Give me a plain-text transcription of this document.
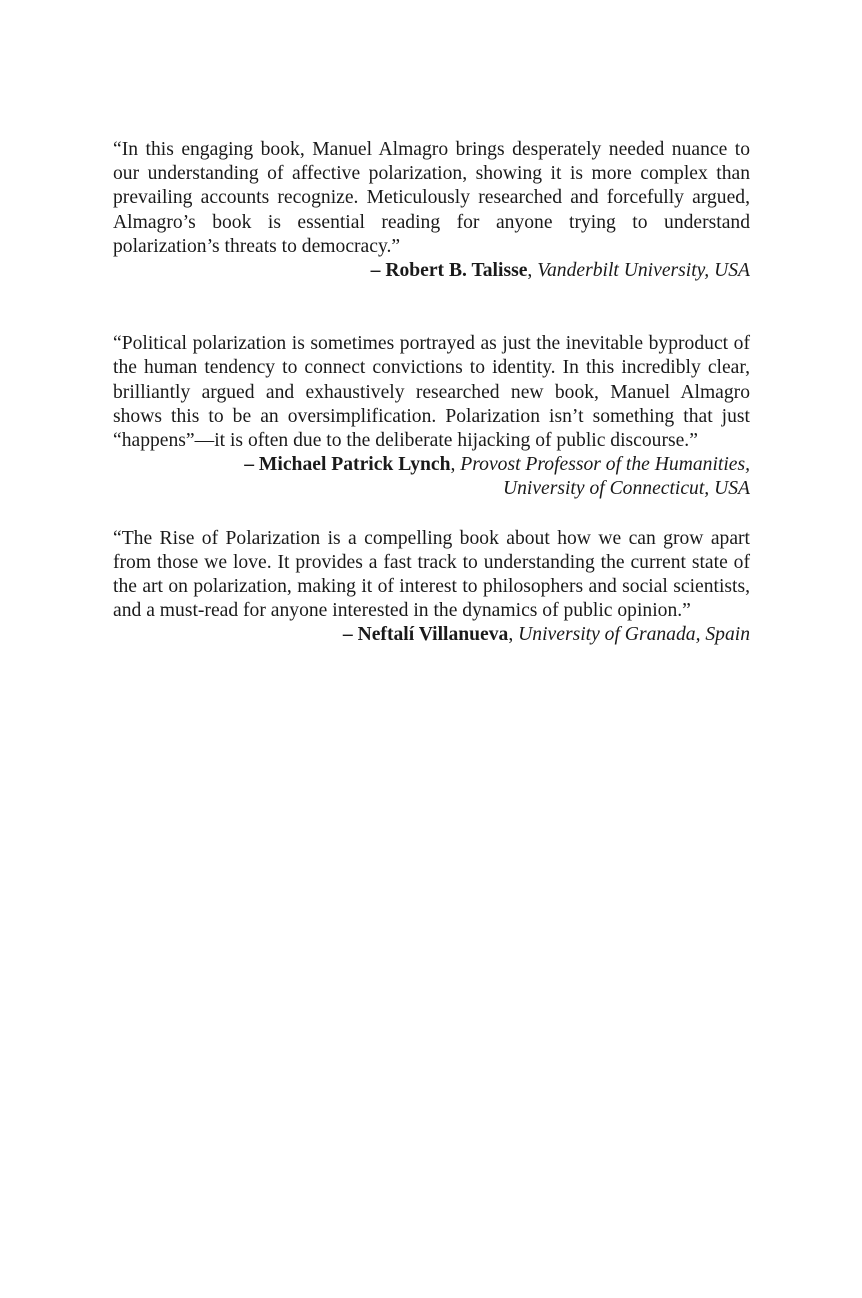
“In this engaging book, Manuel Almagro brings desperately needed nuance to our understanding of affective polarization, showing it is more complex than prevailing accounts recognize. Meticulously researched and forcefully argued, Almagro’s book is essential reading for anyone trying to understand polarization’s threats to democracy.”

– Robert B. Talisse, Vanderbilt University, USA

“Political polarization is sometimes portrayed as just the inevitable byproduct of the human tendency to connect convictions to identity. In this incredibly clear, brilliantly argued and exhaustively researched new book, Manuel Almagro shows this to be an oversimplification. Polarization isn’t something that just “happens”—it is often due to the deliberate hijacking of public discourse.”

– Michael Patrick Lynch, Provost Professor of the Humanities,
University of Connecticut, USA

“The Rise of Polarization is a compelling book about how we can grow apart from those we love. It provides a fast track to understanding the current state of the art on polarization, making it of interest to philosophers and social scientists, and a must-read for anyone interested in the dynamics of public opinion.”

– Neftalí Villanueva, University of Granada, Spain
